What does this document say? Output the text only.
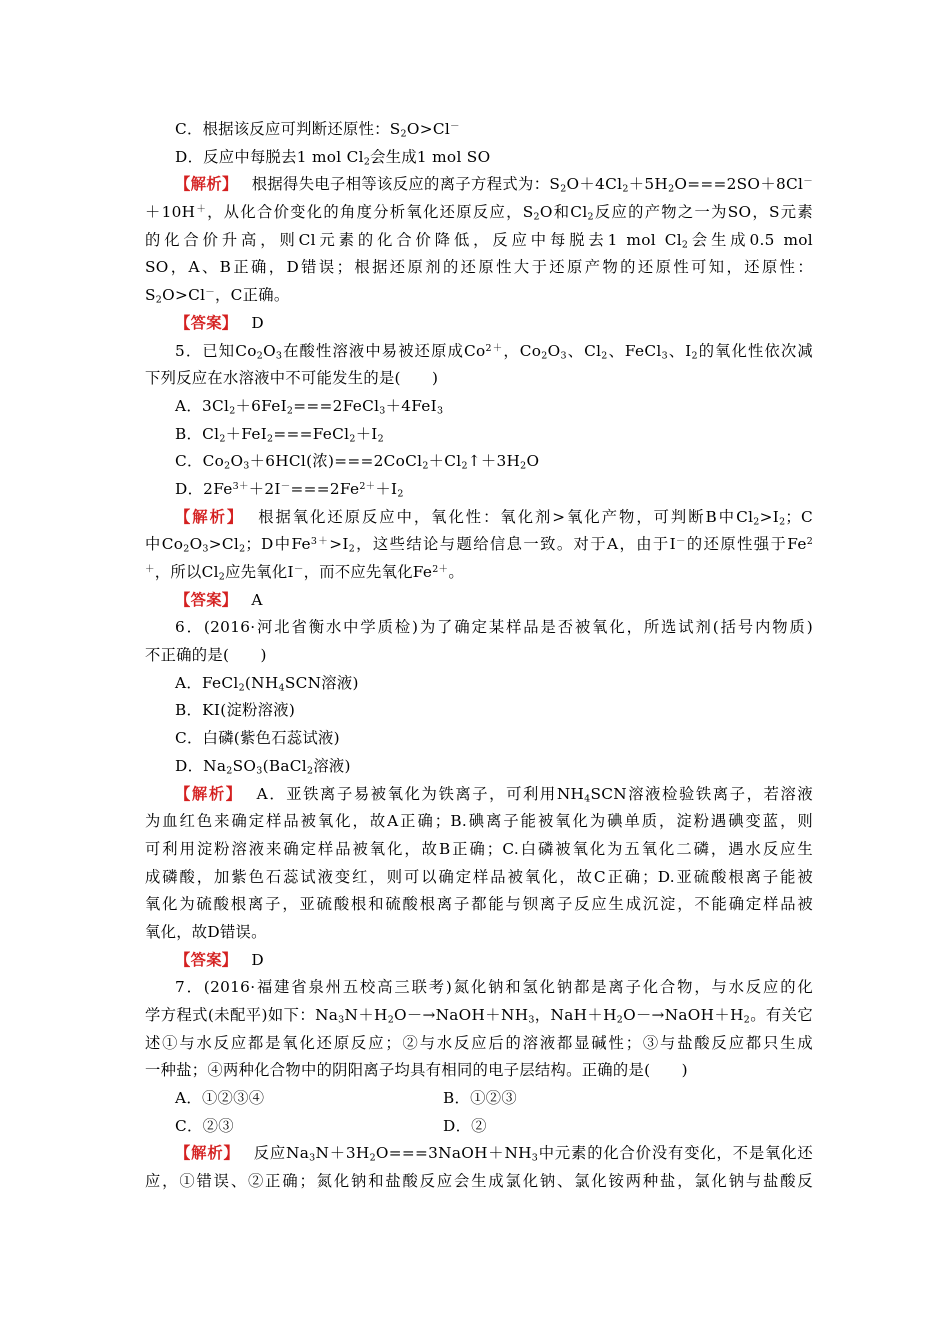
C．根据该反应可判断还原性：$S_2O>Cl^-$
D．反应中每脱去1 mol $Cl_2$会生成1 mol SO
【解析】 根据得失电子相等该反应的离子方程式为：$S_2O+4Cl_2+5H_2O===2SO+8Cl^-$
＋10H＋，从化合价变化的角度分析氧化还原反应，$S_2O$和$Cl_2$反应的产物之一为SO，S元素
的化合价升高，则Cl元素的化合价降低，反应中每脱去1 mol $Cl_2$会生成0.5 mol
SO，A、B正确，D错误；根据还原剂的还原性大于还原产物的还原性可知，还原性：
$S_2O>Cl^-$，C正确。
【答案】 D
5．已知$Co_2O_3$在酸性溶液中易被还原成$Co^{2+}$，$Co_2O_3$、$Cl_2$、FeCl$_3$、$I_2$的氧化性依次减
下列反应在水溶液中不可能发生的是(　　)
A．$3Cl_2+6FeI_2===2FeCl_3+4FeI_3$
B．$Cl_2+FeI_2===FeCl_2+I_2$
C．$Co_2O_3+6HCl$(浓)$===2CoCl_2+Cl_2↑+3H_2O$
D．$2Fe^{3+}+2I^-===2Fe^{2+}+I_2$
【解析】 根据氧化还原反应中，氧化性：氧化剂>氧化产物，可判断B中$Cl_2>I_2$；C
中$Co_2O_3>Cl_2$；D中$Fe^{3+}>I_2$，这些结论与题给信息一致。对于A，由于I－的还原性强于Fe$^2$
＋，所以$Cl_2$应先氧化I－，而不应先氧化$Fe^{2+}$。
【答案】 A
6．(2016·河北省衡水中学质检)为了确定某样品是否被氧化，所选试剂(括号内物质)
不正确的是(　　)
A．$FeCl_2(NH_4SCN$溶液)
B．KI(淀粉溶液)
C．白磷(紫色石蕊试液)
D．$Na_2SO_3(BaCl_2$溶液)
【解析】 A．亚铁离子易被氧化为铁离子，可利用$NH_4SCN$溶液检验铁离子，若溶液
为血红色来确定样品被氧化，故A正确；B.碘离子能被氧化为碘单质，淀粉遇碘变蓝，则
可利用淀粉溶液来确定样品被氧化，故B正确；C.白磷被氧化为五氧化二磷，遇水反应生
成磷酸，加紫色石蕊试液变红，则可以确定样品被氧化，故C正确；D.亚硫酸根离子能被
氧化为硫酸根离子，亚硫酸根和硫酸根离子都能与钡离子反应生成沉淀，不能确定样品被
氧化，故D错误。
【答案】 D
7．(2016·福建省泉州五校高三联考)氮化钠和氢化钠都是离子化合物，与水反应的化
学方程式(未配平)如下：$Na_3N+H_2O-\to NaOH+NH_3$，$NaH+H_2O-\to NaOH+H_2$。有关它
述①与水反应都是氧化还原反应；②与水反应后的溶液都显碱性；③与盐酸反应都只生成
一种盐；④两种化合物中的阴阳离子均具有相同的电子层结构。正确的是(　　)
A．①②③④	B．①②③
C．②③	D．②
【解析】 反应$Na_3N+3H_2O===3NaOH+NH_3$中元素的化合价没有变化，不是氧化还
应，①错误、②正确；氮化钠和盐酸反应会生成氯化钠、氯化铵两种盐，氯化钠与盐酸反
